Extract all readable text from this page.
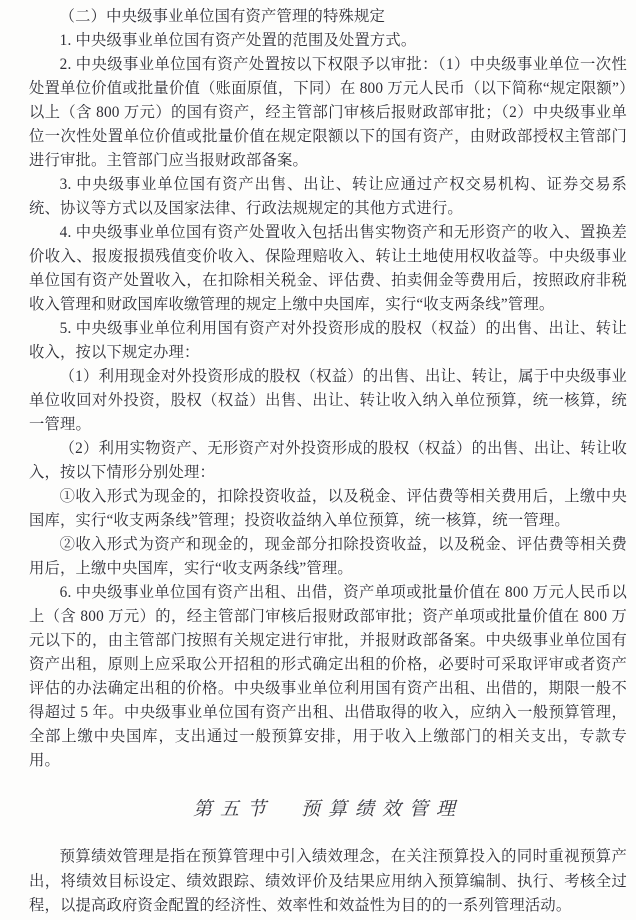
（二）中央级事业单位国有资产管理的特殊规定

1. 中央级事业单位国有资产处置的范围及处置方式。

2. 中央级事业单位国有资产处置按以下权限予以审批：（1）中央级事业单位一次性处置单位价值或批量价值（账面原值，下同）在 800 万元人民币（以下简称“规定限额”）以上（含 800 万元）的国有资产，经主管部门审核后报财政部审批；（2）中央级事业单位一次性处置单位价值或批量价值在规定限额以下的国有资产，由财政部授权主管部门进行审批。主管部门应当报财政部备案。

3. 中央级事业单位国有资产出售、出让、转让应通过产权交易机构、证券交易系统、协议等方式以及国家法律、行政法规规定的其他方式进行。

4. 中央级事业单位国有资产处置收入包括出售实物资产和无形资产的收入、置换差价收入、报废报损残值变价收入、保险理赔收入、转让土地使用权收益等。中央级事业单位国有资产处置收入，在扣除相关税金、评估费、拍卖佣金等费用后，按照政府非税收入管理和财政国库收缴管理的规定上缴中央国库，实行“收支两条线”管理。

5. 中央级事业单位利用国有资产对外投资形成的股权（权益）的出售、出让、转让收入，按以下规定办理：

（1）利用现金对外投资形成的股权（权益）的出售、出让、转让，属于中央级事业单位收回对外投资，股权（权益）出售、出让、转让收入纳入单位预算，统一核算，统一管理。

（2）利用实物资产、无形资产对外投资形成的股权（权益）的出售、出让、转让收入，按以下情形分别处理：

①收入形式为现金的，扣除投资收益，以及税金、评估费等相关费用后，上缴中央国库，实行“收支两条线”管理；投资收益纳入单位预算，统一核算，统一管理。

②收入形式为资产和现金的，现金部分扣除投资收益，以及税金、评估费等相关费用后，上缴中央国库，实行“收支两条线”管理。

6. 中央级事业单位国有资产出租、出借，资产单项或批量价值在 800 万元人民币以上（含 800 万元）的，经主管部门审核后报财政部审批；资产单项或批量价值在 800 万元以下的，由主管部门按照有关规定进行审批，并报财政部备案。中央级事业单位国有资产出租，原则上应采取公开招租的形式确定出租的价格，必要时可采取评审或者资产评估的办法确定出租的价格。中央级事业单位利用国有资产出租、出借的，期限一般不得超过 5 年。中央级事业单位国有资产出租、出借取得的收入，应纳入一般预算管理，全部上缴中央国库，支出通过一般预算安排，用于收入上缴部门的相关支出，专款专用。

第五节　预算绩效管理

预算绩效管理是指在预算管理中引入绩效理念，在关注预算投入的同时重视预算产出，将绩效目标设定、绩效跟踪、绩效评价及结果应用纳入预算编制、执行、考核全过程，以提高政府资金配置的经济性、效率性和效益性为目的的一系列管理活动。
